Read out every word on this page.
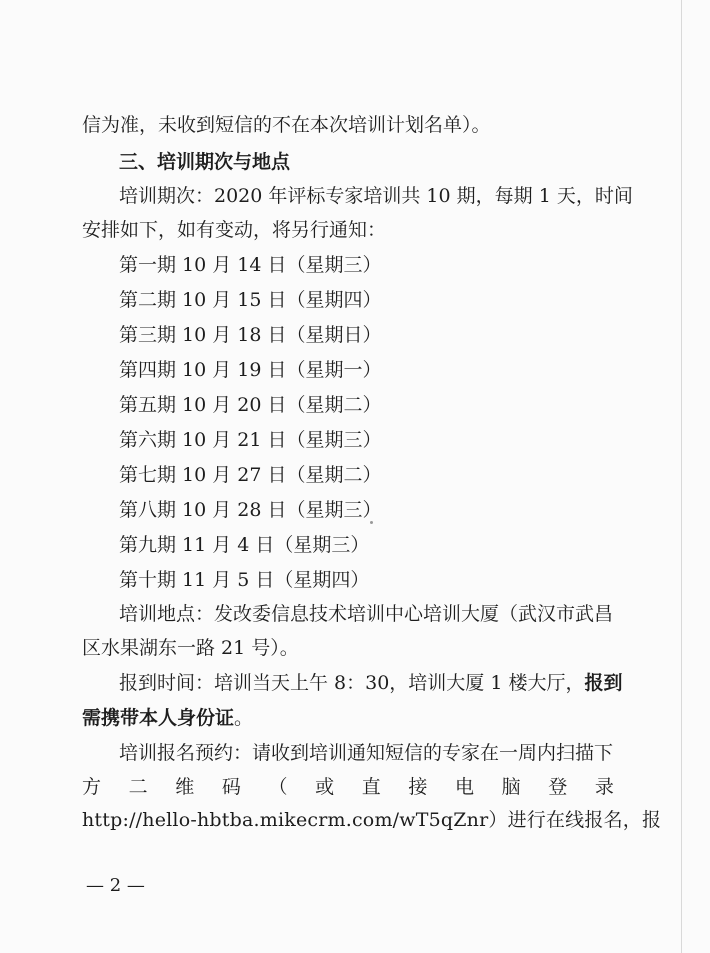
信为准，未收到短信的不在本次培训计划名单）。
三、培训期次与地点
培训期次：2020 年评标专家培训共 10 期，每期 1 天，时间
安排如下，如有变动，将另行通知：
第一期 10 月 14 日（星期三）
第二期 10 月 15 日（星期四）
第三期 10 月 18 日（星期日）
第四期 10 月 19 日（星期一）
第五期 10 月 20 日（星期二）
第六期 10 月 21 日（星期三）
第七期 10 月 27 日（星期二）
第八期 10 月 28 日（星期三）
第九期 11 月 4 日（星期三）
第十期 11 月 5 日（星期四）
培训地点：发改委信息技术培训中心培训大厦（武汉市武昌
区水果湖东一路 21 号）。
报到时间：培训当天上午 8：30，培训大厦 1 楼大厅，报到
需携带本人身份证。
培训报名预约：请收到培训通知短信的专家在一周内扫描下
方 二 维 码 （ 或 直 接 电 脑 登 录
http://hello-hbtba.mikecrm.com/wT5qZnr）进行在线报名，报
— 2 —
